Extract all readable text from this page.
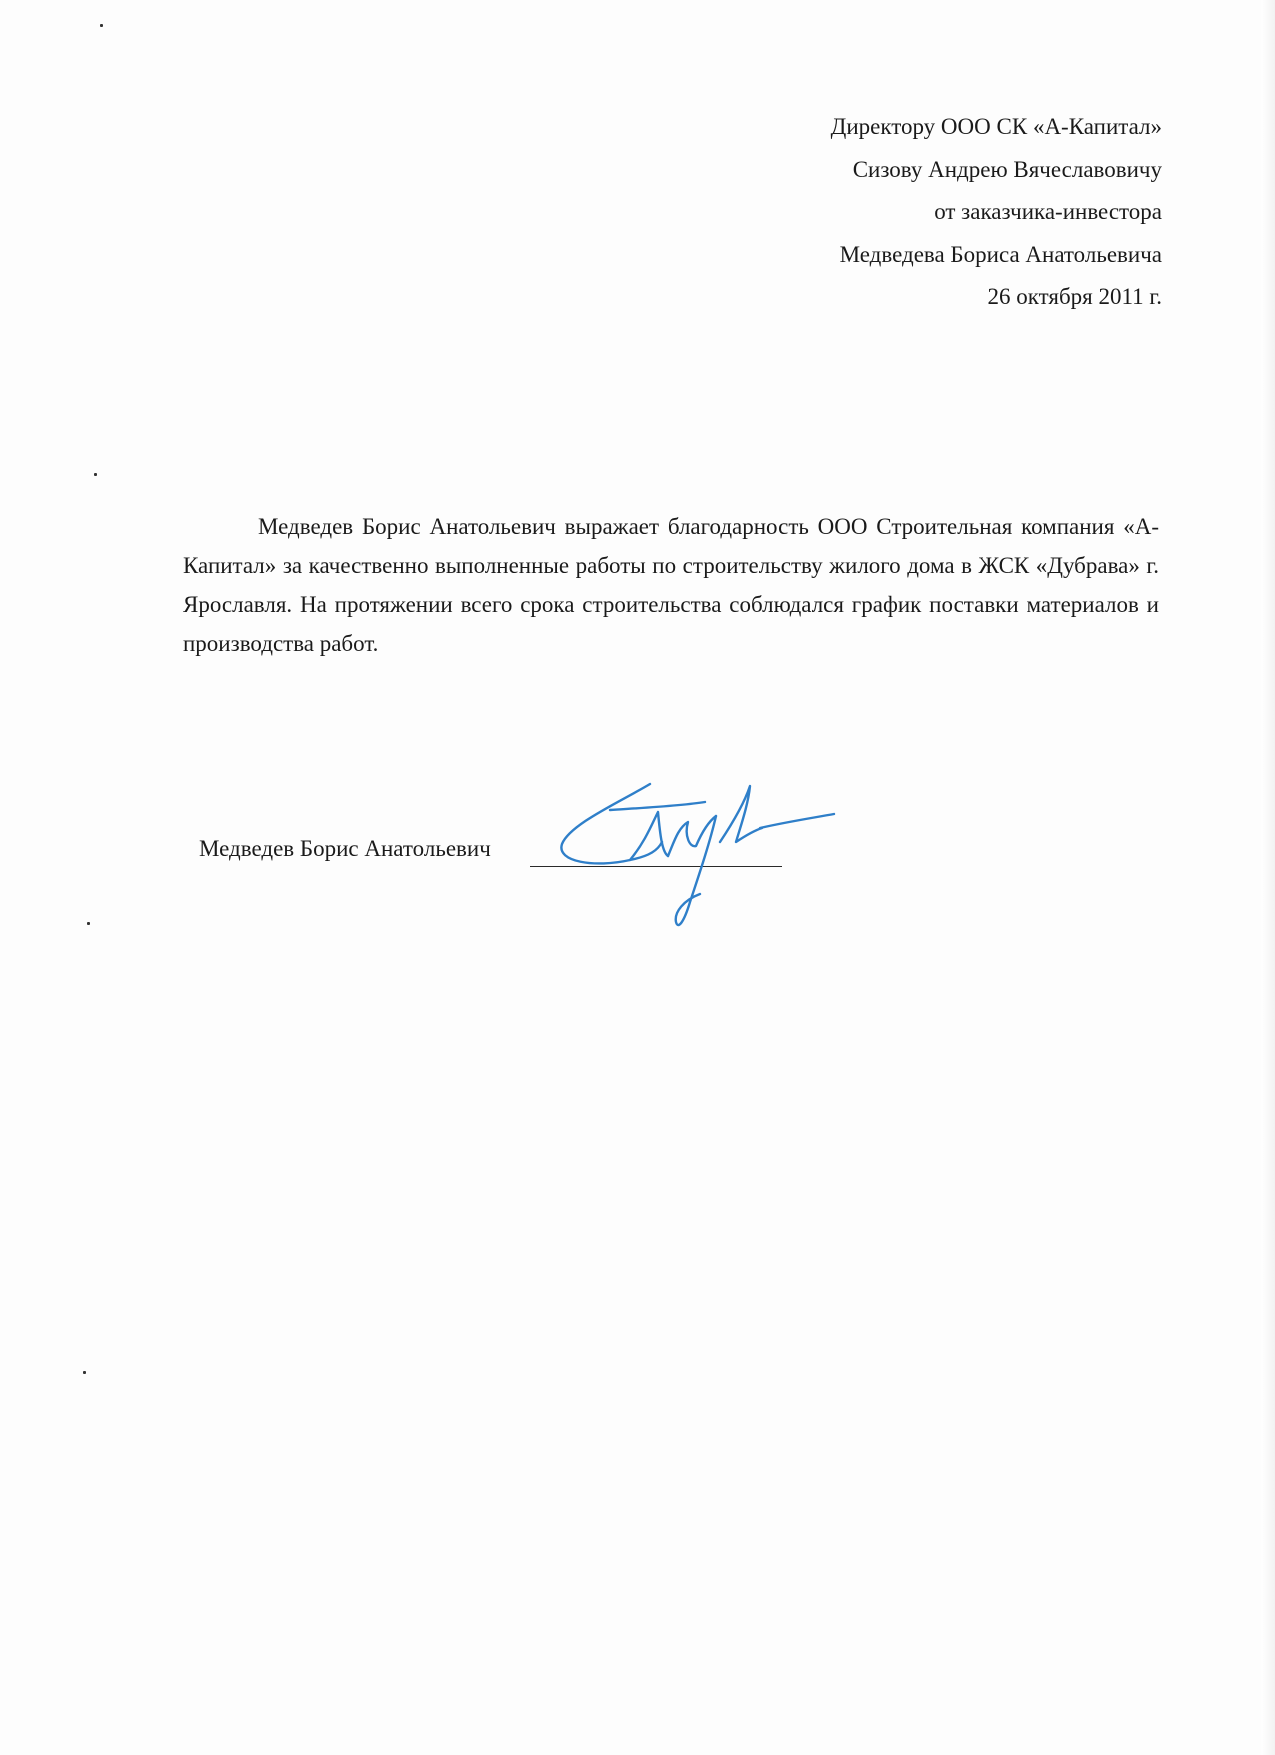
Директору ООО СК «А-Капитал»
Сизову Андрею Вячеславовичу
от заказчика-инвестора
Медведева Бориса Анатольевича
26 октября 2011 г.
Медведев Борис Анатольевич выражает благодарность ООО Строительная компания «А-Капитал» за качественно выполненные работы по строительству жилого дома в ЖСК «Дубрава» г. Ярославля. На протяжении всего срока строительства соблюдался график поставки материалов и производства работ.
Медведев Борис Анатольевич
